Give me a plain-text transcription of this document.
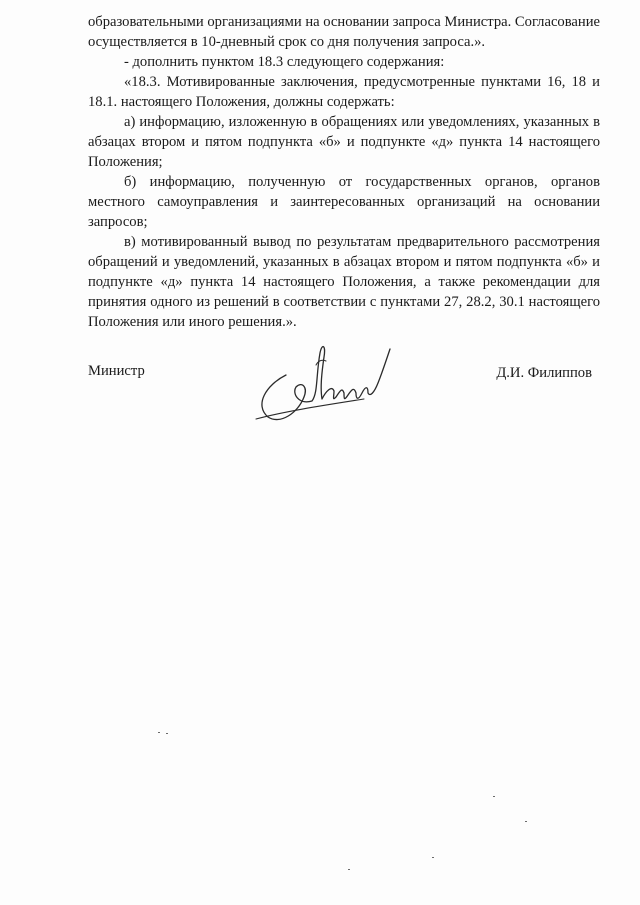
образовательными организациями на основании запроса Министра. Согласование осуществляется в 10-дневный срок со дня получения запроса.».

- дополнить пунктом 18.3 следующего содержания:

«18.3. Мотивированные заключения, предусмотренные пунктами 16, 18 и 18.1. настоящего Положения, должны содержать:

а) информацию, изложенную в обращениях или уведомлениях, указанных в абзацах втором и пятом подпункта «б» и подпункте «д» пункта 14 настоящего Положения;

б) информацию, полученную от государственных органов, органов местного самоуправления и заинтересованных организаций на основании запросов;

в) мотивированный вывод по результатам предварительного рассмотрения обращений и уведомлений, указанных в абзацах втором и пятом подпункта «б» и подпункте «д» пункта 14 настоящего Положения, а также рекомендации для принятия одного из решений в соответствии с пунктами 27, 28.2, 30.1 настоящего Положения или иного решения.».

Министр	Д.И. Филиппов
